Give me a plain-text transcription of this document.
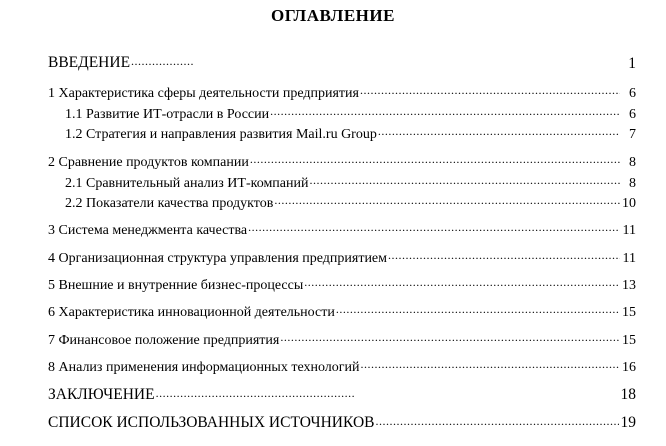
ОГЛАВЛЕНИЕ
ВВЕДЕНИЕ .....	1
1 Характеристика сферы деятельности предприятия .....	6
1.1 Развитие ИТ-отрасли в России .....	6
1.2 Стратегия и направления развития Mail.ru Group .....	7
2 Сравнение продуктов компании .....	8
2.1 Сравнительный анализ ИТ-компаний .....	8
2.2 Показатели качества продуктов .....	10
3 Система менеджмента качества .....	11
4 Организационная структура управления предприятием .....	11
5 Внешние и внутренние бизнес-процессы .....	13
6 Характеристика инновационной деятельности .....	15
7 Финансовое положение предприятия .....	15
8 Анализ применения информационных технологий .....	16
ЗАКЛЮЧЕНИЕ .....	18
СПИСОК ИСПОЛЬЗОВАННЫХ ИСТОЧНИКОВ .....	19
